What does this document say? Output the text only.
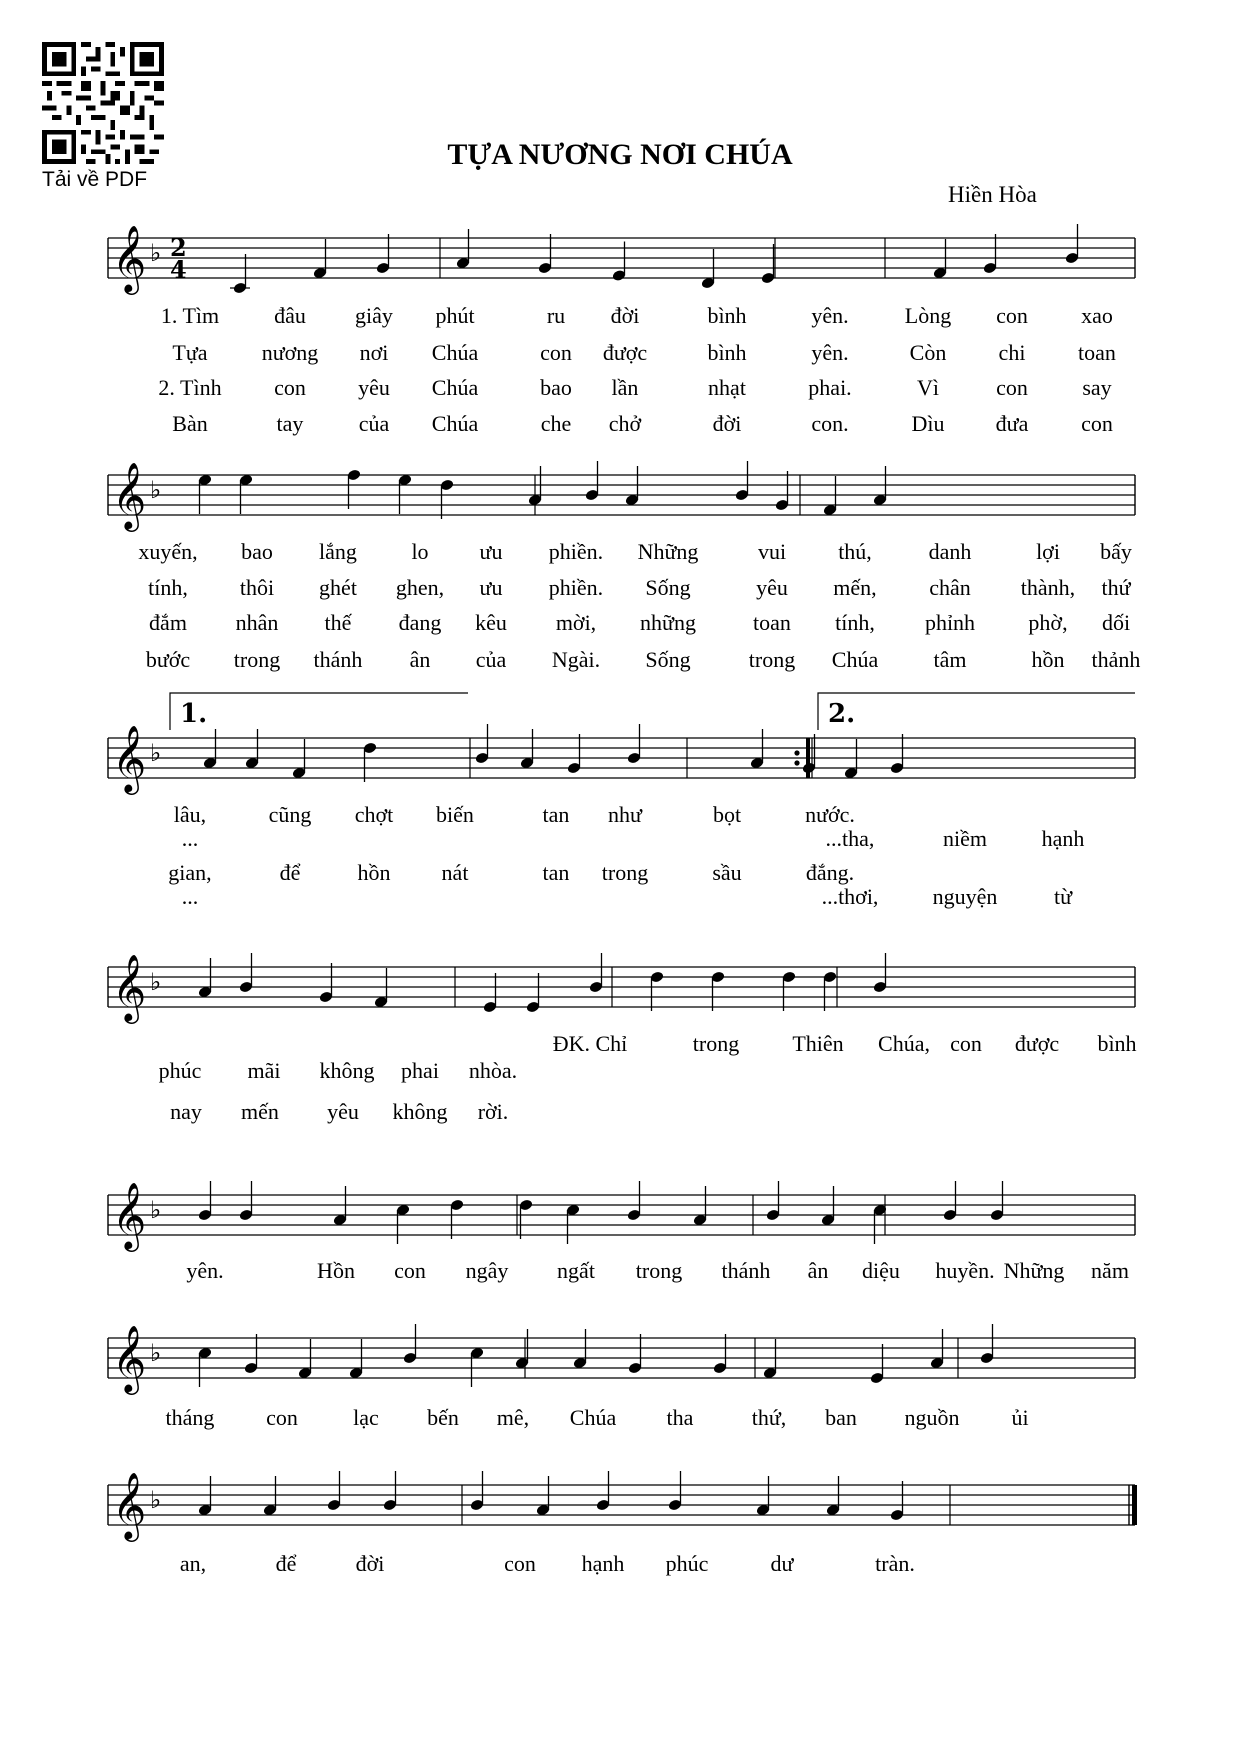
Tải về PDF
TỰA NƯƠNG NƠI CHÚA
Hiền Hòa
𝄞 ♭ 2
4
𝄞 ♭
𝄞 ♭
𝄞 ♭
𝄞 ♭
𝄞 ♭
𝄞 ♭
1.	2.
1. Tìm đâu giây phút	ru đời	bình	yên.	Lòng con xao
Tựa nương nơi Chúa	con được	bình	yên.	Còn chi toan
2. Tình con yêu Chúa	bao lần	nhạt	phai.	Vì	con say
Bàn	tay	của Chúa	che chở	đời	con.	Dìu đưa con
xuyến, bao lắng lo ưu phiền. Những	vui thú,	danh	lợi bấy
tính, thôi ghét ghen, ưu phiền. Sống	yêu mến, chân thành, thứ
đắm nhân thế đang kêu mời, những	toan tính, phỉnh phờ, dối
bước trong thánh ân của Ngài. Sống	trong Chúa	tâm	hồn thảnh
lâu,	cũng chợt biến	tan như	bọt	nước.
...	...tha,	niềm hạnh
gian,	để	hồn nát	tan trong	sầu	đắng.
...	...thơi, nguyện	từ
ĐK. Chỉ	trong Thiên Chúa, con được bình
phúc mãi không phai nhòa.
nay mến yêu không rời.
yên.	Hồn con ngây ngất trong thánh ân diệu huyền. Những năm
tháng con	lạc bến mê, Chúa tha	thứ, ban nguồn ủi
an,	để	đời	con hạnh phúc	dư	tràn.
